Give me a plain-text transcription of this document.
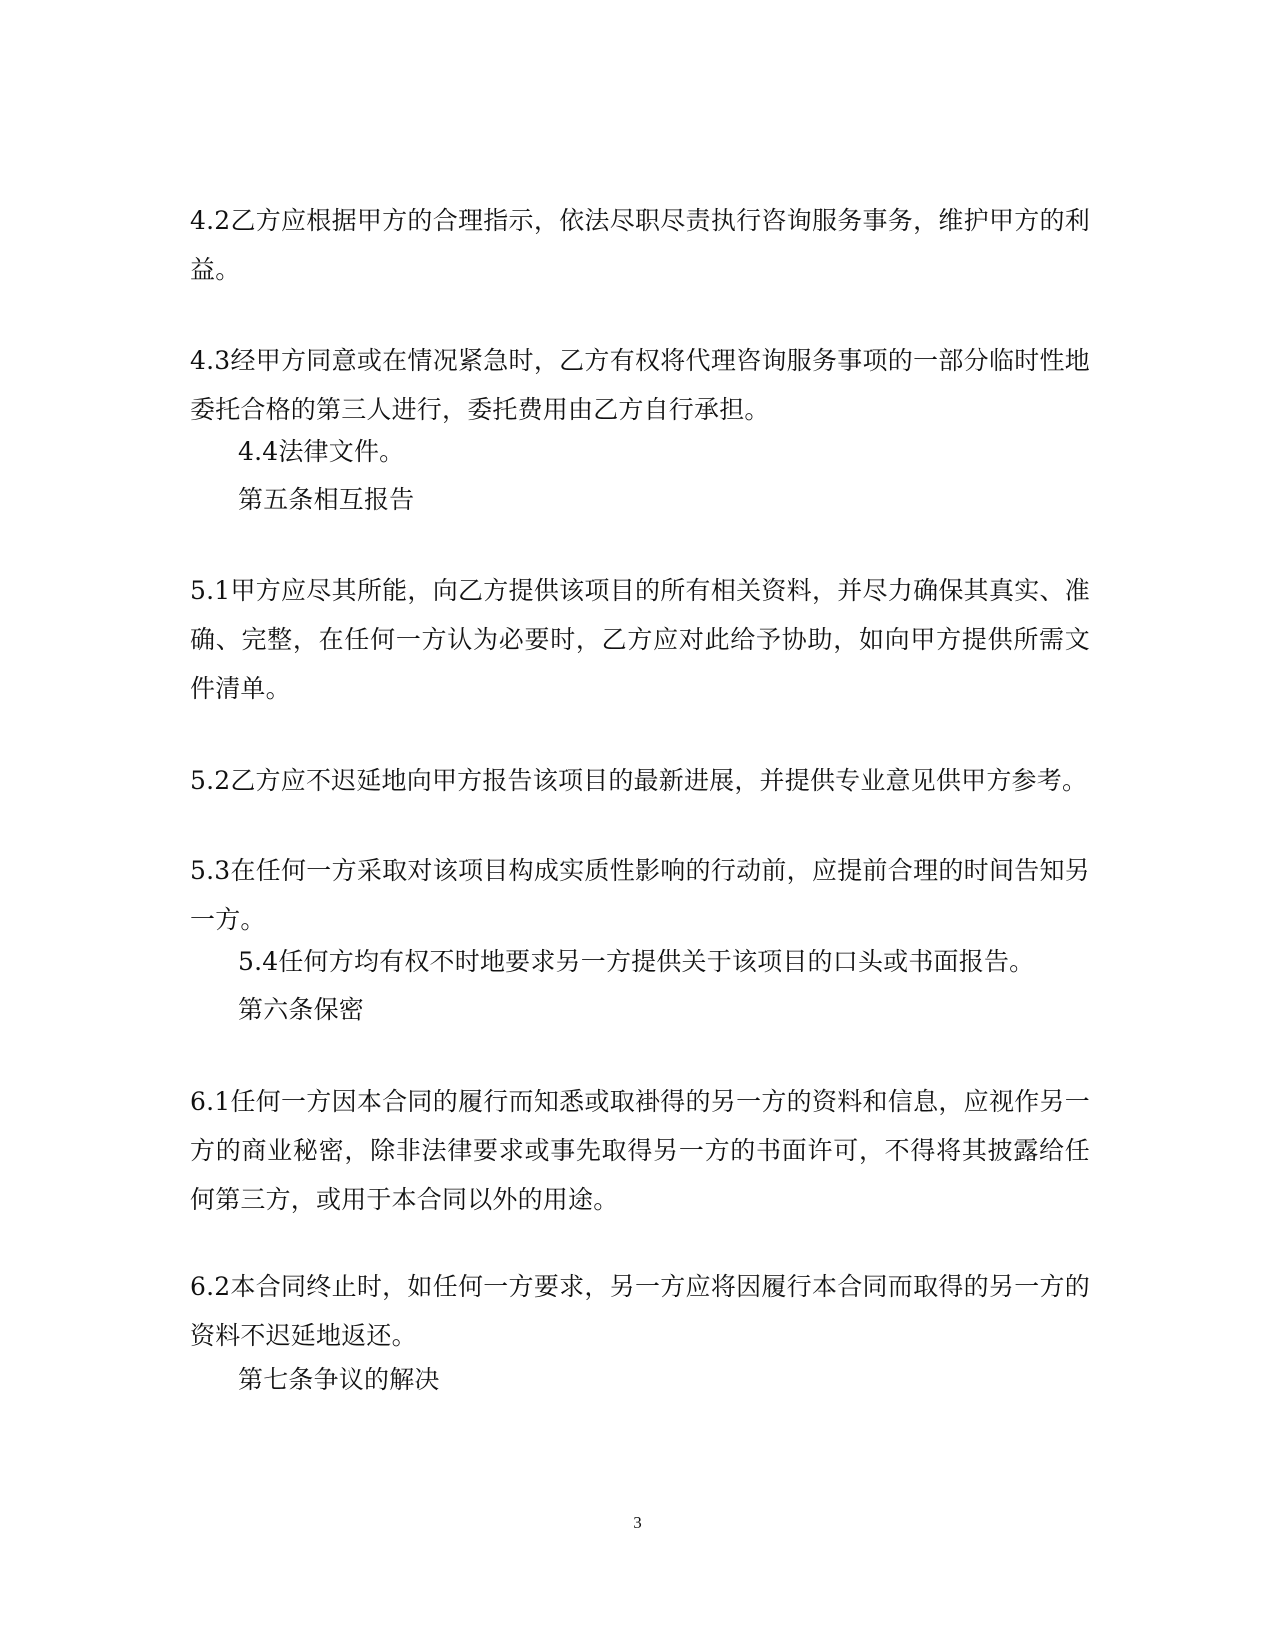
4.2乙方应根据甲方的合理指示，依法尽职尽责执行咨询服务事务，维护甲方的利益。

4.3经甲方同意或在情况紧急时，乙方有权将代理咨询服务事项的一部分临时性地委托合格的第三人进行，委托费用由乙方自行承担。

4.4法律文件。

第五条相互报告

5.1甲方应尽其所能，向乙方提供该项目的所有相关资料，并尽力确保其真实、准确、完整，在任何一方认为必要时，乙方应对此给予协助，如向甲方提供所需文件清单。

5.2乙方应不迟延地向甲方报告该项目的最新进展，并提供专业意见供甲方参考。

5.3在任何一方采取对该项目构成实质性影响的行动前，应提前合理的时间告知另一方。

5.4任何方均有权不时地要求另一方提供关于该项目的口头或书面报告。

第六条保密

6.1任何一方因本合同的履行而知悉或取褂得的另一方的资料和信息，应视作另一方的商业秘密，除非法律要求或事先取得另一方的书面许可，不得将其披露给任何第三方，或用于本合同以外的用途。

6.2本合同终止时，如任何一方要求，另一方应将因履行本合同而取得的另一方的资料不迟延地返还。

第七条争议的解决

3
